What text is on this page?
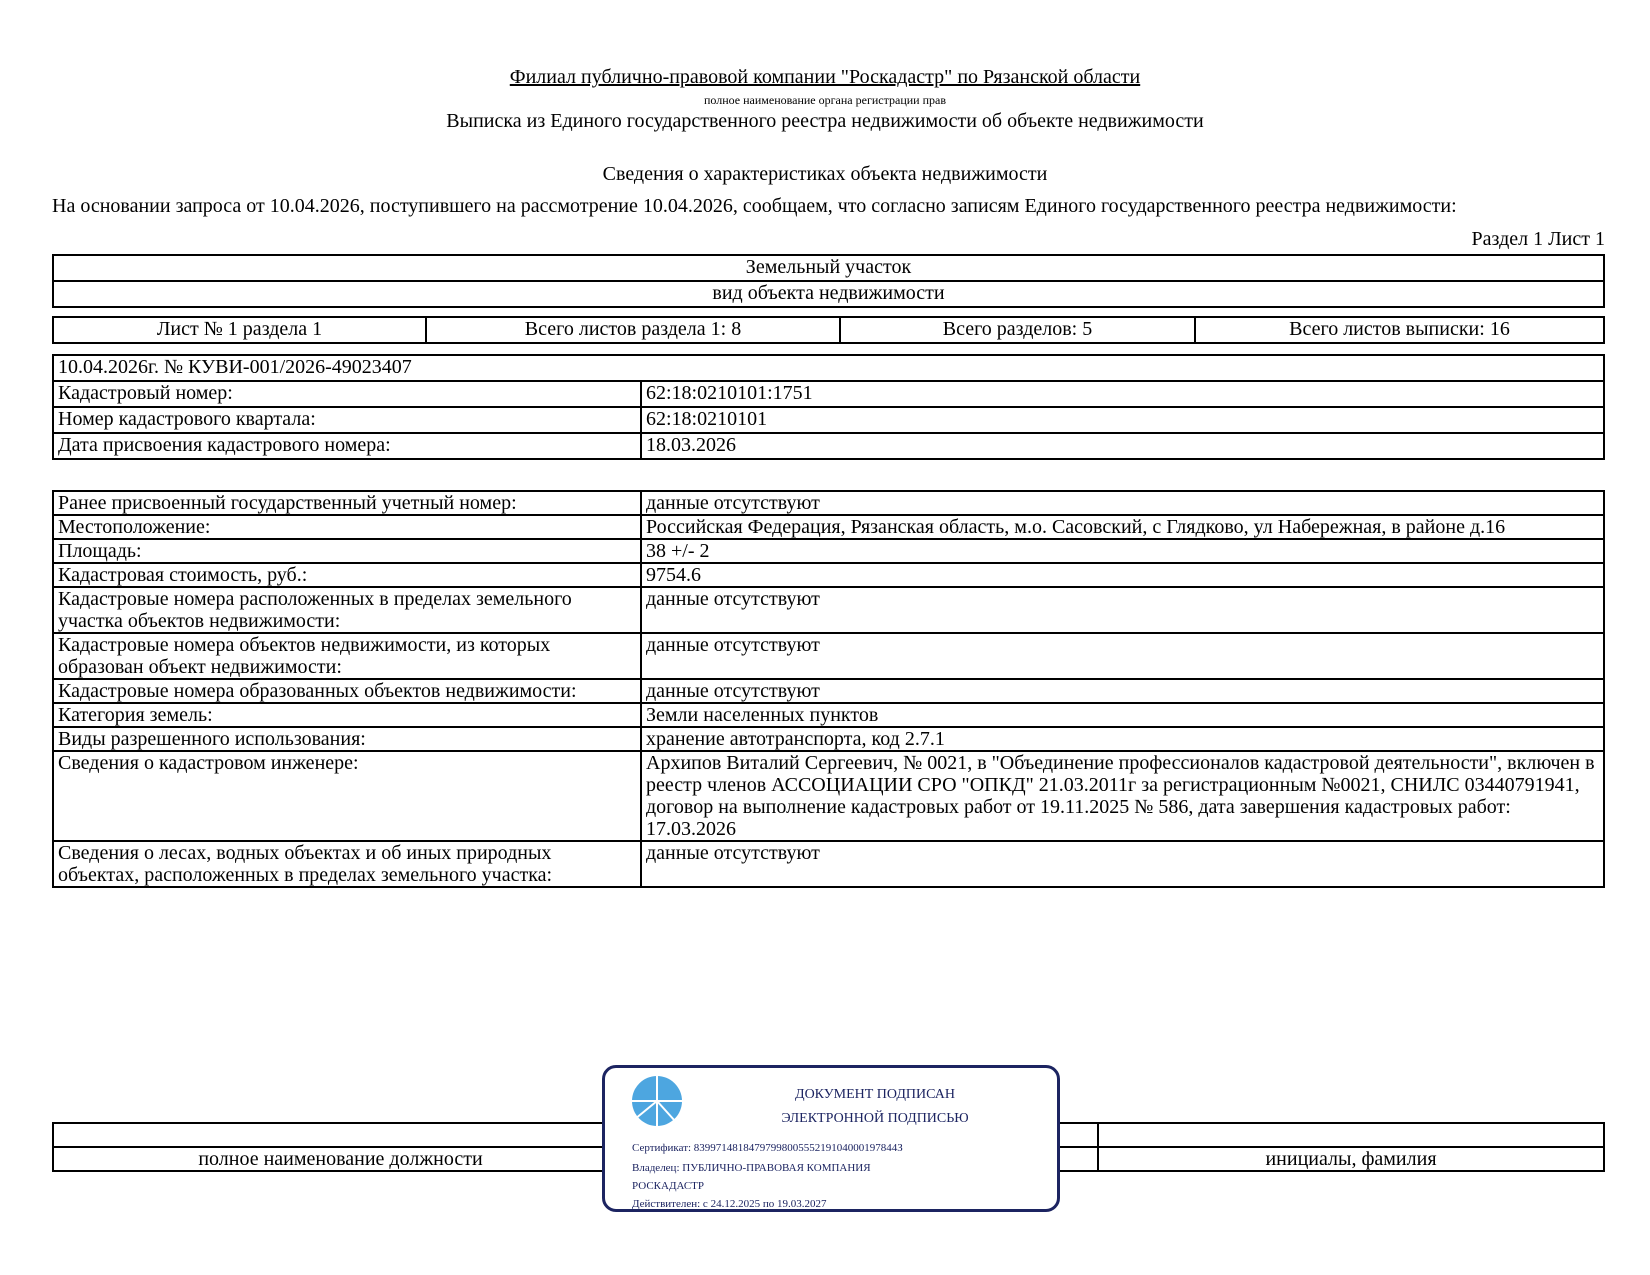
Филиал публично-правовой компании "Роскадастр" по Рязанской области
полное наименование органа регистрации прав
Выписка из Единого государственного реестра недвижимости об объекте недвижимости
Сведения о характеристиках объекта недвижимости
На основании запроса от 10.04.2026, поступившего на рассмотрение 10.04.2026, сообщаем, что согласно записям Единого государственного реестра недвижимости:
Раздел 1 Лист 1
Земельный участок
вид объекта недвижимости
Лист № 1 раздела 1	Всего листов раздела 1: 8	Всего разделов: 5	Всего листов выписки: 16
10.04.2026г. № КУВИ-001/2026-49023407	
Кадастровый номер:	62:18:0210101:1751
Номер кадастрового квартала:	62:18:0210101
Дата присвоения кадастрового номера:	18.03.2026
Ранее присвоенный государственный учетный номер:	данные отсутствуют
Местоположение:	Российская Федерация, Рязанская область, м.о. Сасовский, с Глядково, ул Набережная, в районе д.16
Площадь:	38 +/- 2
Кадастровая стоимость, руб.:	9754.6
Кадастровые номера расположенных в пределах земельного участка объектов недвижимости:	данные отсутствуют
Кадастровые номера объектов недвижимости, из которых образован объект недвижимости:	данные отсутствуют
Кадастровые номера образованных объектов недвижимости:	данные отсутствуют
Категория земель:	Земли населенных пунктов
Виды разрешенного использования:	хранение автотранспорта, код 2.7.1
Сведения о кадастровом инженере:	Архипов Виталий Сергеевич, № 0021, в "Объединение профессионалов кадастровой деятельности", включен в реестр членов АССОЦИАЦИИ СРО "ОПКД" 21.03.2011г за регистрационным №0021, СНИЛС 03440791941, договор на выполнение кадастровых работ от 19.11.2025 № 586, дата завершения кадастровых работ: 17.03.2026
Сведения о лесах, водных объектах и об иных природных объектах, расположенных в пределах земельного участка:	данные отсутствуют

полное наименование должности		инициалы, фамилия
ДОКУМЕНТ ПОДПИСАН
ЭЛЕКТРОННОЙ ПОДПИСЬЮ
Сертификат: 8399714818479799800555219104000197844З
Владелец: ПУБЛИЧНО-ПРАВОВАЯ КОМПАНИЯ
РОСКАДАСТР
Действителен: с 24.12.2025 по 19.03.2027
